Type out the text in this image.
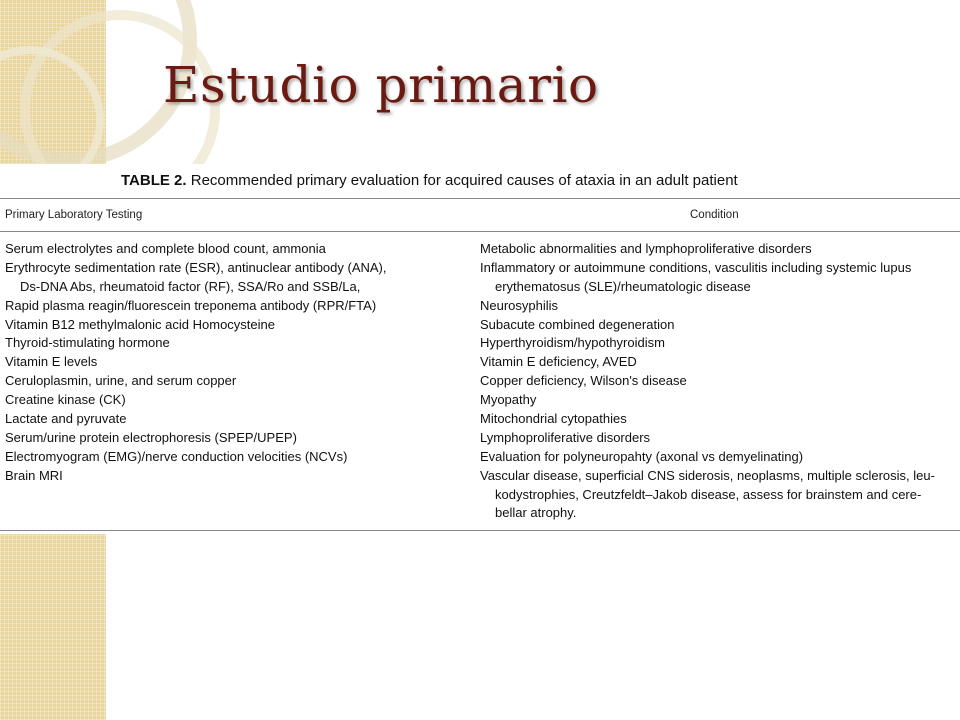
Estudio primario
TABLE 2. Recommended primary evaluation for acquired causes of ataxia in an adult patient
Primary Laboratory Testing	Condition
Serum electrolytes and complete blood count, ammonia
Erythrocyte sedimentation rate (ESR), antinuclear antibody (ANA),
Ds-DNA Abs, rheumatoid factor (RF), SSA/Ro and SSB/La,
Rapid plasma reagin/fluorescein treponema antibody (RPR/FTA)
Vitamin B12 methylmalonic acid Homocysteine
Thyroid-stimulating hormone
Vitamin E levels
Ceruloplasmin, urine, and serum copper
Creatine kinase (CK)
Lactate and pyruvate
Serum/urine protein electrophoresis (SPEP/UPEP)
Electromyogram (EMG)/nerve conduction velocities (NCVs)
Brain MRI
Metabolic abnormalities and lymphoproliferative disorders
Inflammatory or autoimmune conditions, vasculitis including systemic lupus
erythematosus (SLE)/rheumatologic disease
Neurosyphilis
Subacute combined degeneration
Hyperthyroidism/hypothyroidism
Vitamin E deficiency, AVED
Copper deficiency, Wilson's disease
Myopathy
Mitochondrial cytopathies
Lymphoproliferative disorders
Evaluation for polyneuropahty (axonal vs demyelinating)
Vascular disease, superficial CNS siderosis, neoplasms, multiple sclerosis, leu-
kodystrophies, Creutzfeldt–Jakob disease, assess for brainstem and cere-
bellar atrophy.
